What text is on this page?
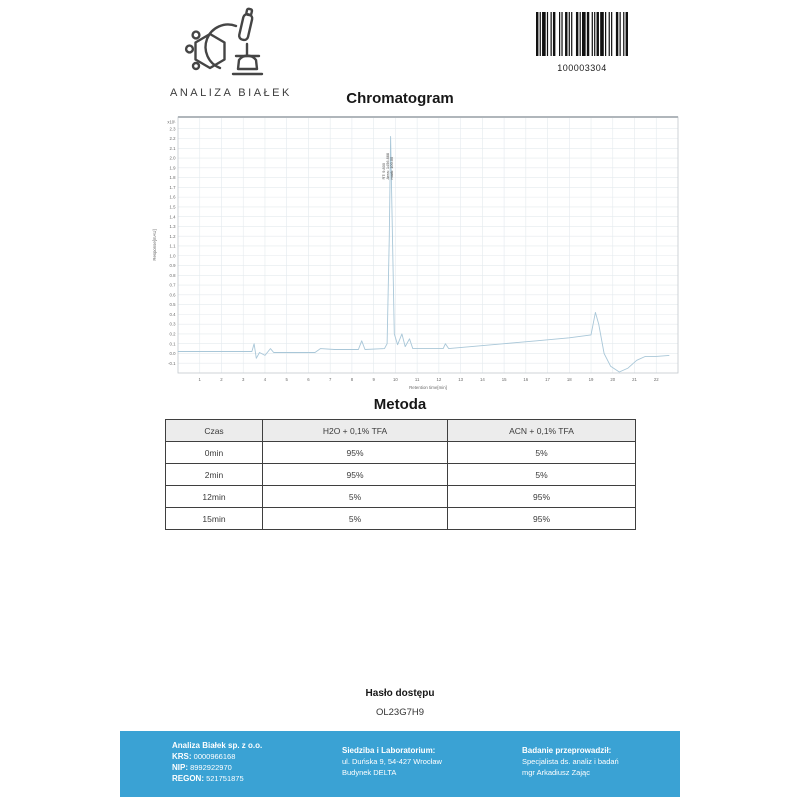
ANALIZA BIAŁEK
100003304
Chromatogram
2.3
2.2
2.1
2.0
1.9
1.8
1.7
1.6
1.5
1.4
1.3
1.2
1.1
1.0
0.9
0.8
0.7
0.6
0.5
0.4
0.3
0.2
0.1
0.0
-0.1
x10¹
1	2	3	4	5	6	7	8	9	10	11	12	13	14	15	16	17	18	19	20	21	22
Retention time[min]
Response[mAU]
RT: 9.800 Area: 1456.888 mark: 100.00
Metoda
Czas	H2O + 0,1% TFA	ACN + 0,1% TFA
0min	95%	5%
2min	95%	5%
12min	5%	95%
15min	5%	95%
Hasło dostępu
OL23G7H9
Analiza Białek sp. z o.o.
KRS: 0000966168
NIP: 8992922970
REGON: 521751875
Siedziba i Laboratorium:
ul. Duńska 9, 54-427 Wrocław
Budynek DELTA
Badanie przeprowadził:
Specjalista ds. analiz i badań
mgr Arkadiusz Zając
